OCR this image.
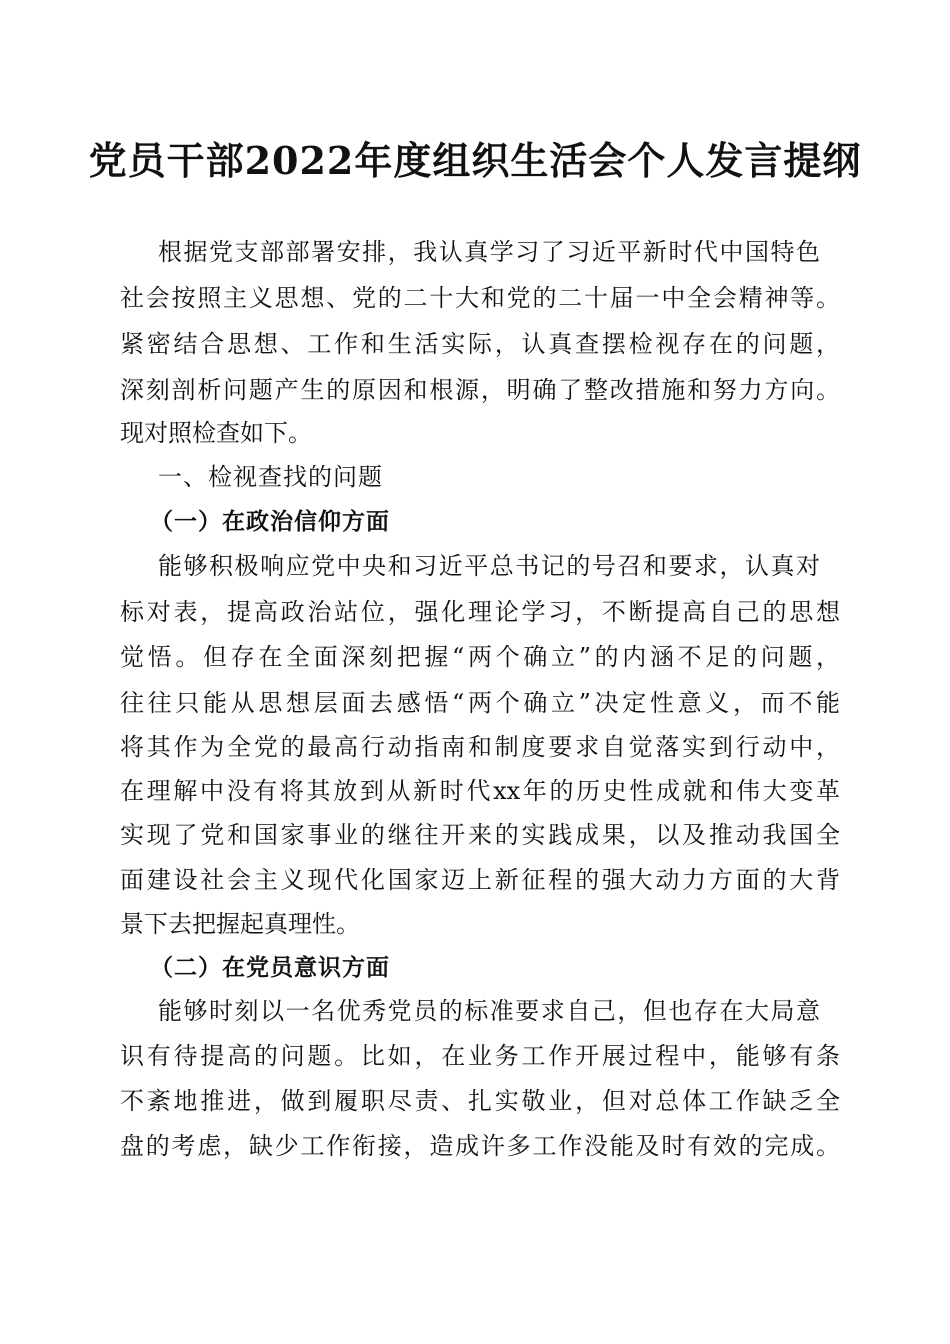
党员干部2022年度组织生活会个人发言提纲
根据党支部部署安排，我认真学习了习近平新时代中国特色
社会按照主义思想、党的二十大和党的二十届一中全会精神等。
紧密结合思想、工作和生活实际，认真查摆检视存在的问题，
深刻剖析问题产生的原因和根源，明确了整改措施和努力方向。
现对照检查如下。
一、检视查找的问题
（一）在政治信仰方面
能够积极响应党中央和习近平总书记的号召和要求，认真对
标对表，提高政治站位，强化理论学习，不断提高自己的思想
觉悟。但存在全面深刻把握“两个确立”的内涵不足的问题，
往往只能从思想层面去感悟“两个确立”决定性意义，而不能
将其作为全党的最高行动指南和制度要求自觉落实到行动中，
在理解中没有将其放到从新时代xx年的历史性成就和伟大变革
实现了党和国家事业的继往开来的实践成果，以及推动我国全
面建设社会主义现代化国家迈上新征程的强大动力方面的大背
景下去把握起真理性。
（二）在党员意识方面
能够时刻以一名优秀党员的标准要求自己，但也存在大局意
识有待提高的问题。比如，在业务工作开展过程中，能够有条
不紊地推进，做到履职尽责、扎实敬业，但对总体工作缺乏全
盘的考虑，缺少工作衔接，造成许多工作没能及时有效的完成。
